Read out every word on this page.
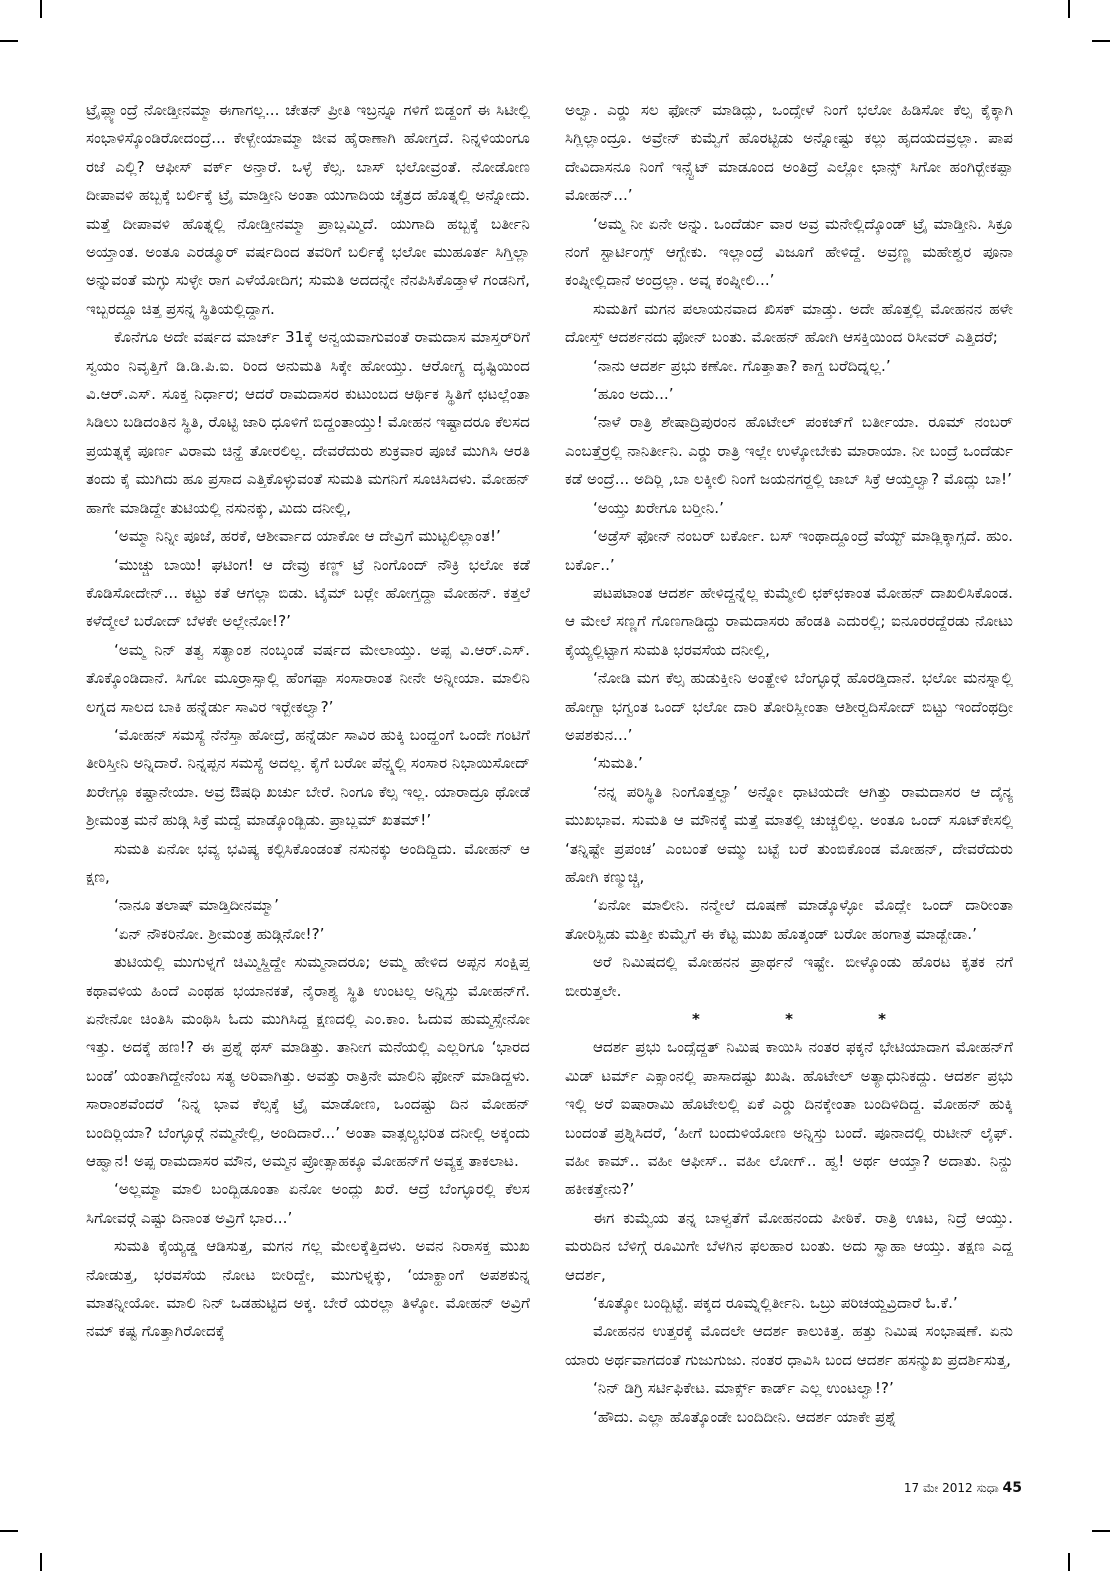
ಟ್ರೈಪ್ಲ್ಯಾಂದ್ರೆ ನೋಡ್ತೀನಮ್ಮಾ ಈಗಾಗಲ್ಲ... ಚೇತನ್ ಪ್ರೀತಿ ಇಬ್ರನ್ನೂ ಗಳಿಗೆ ಬಿಡ್ದಂಗೆ ಈ ಸಿಟೀಲ್ಲಿ ಸಂಭಾಳಿಸ್ಕೊಂಡಿರೋದಂದ್ರೆ... ಕೇಳ್ಬೇಯಾಮ್ಮಾ ಜೀವ ಹೈರಾಣಾಗಿ ಹೋಗ್ತದೆ. ನಿನ್ನಳಿಯಂಗೂ ರಜೆ ಎಲ್ಲಿ? ಆಫೀಸ್ ವರ್ಕ್ ಅನ್ತಾರೆ. ಒಳ್ಳೆ ಕೆಲ್ಸ. ಬಾಸ್ ಭಲೋವ್ರಂತೆ. ನೋಡೋಣ ದೀಪಾವಳಿ ಹಬ್ಬಕ್ಕೆ ಬರ್ಲಿಕ್ಕೆ ಟ್ರೈ ಮಾಡ್ತೀನಿ ಅಂತಾ ಯುಗಾದಿಯ ಚೈತ್ರದ ಹೊತ್ನಲ್ಲಿ ಅನ್ನೋದು. ಮತ್ತೆ ದೀಪಾವಳಿ ಹೊತ್ನಲ್ಲಿ ನೋಡ್ತೀನಮ್ಮಾ ಪ್ರಾಬ್ಲಮ್ಮಿದೆ. ಯುಗಾದಿ ಹಬ್ಬಕ್ಕೆ ಬರ್ತೀನಿ ಅಯ್ತಾಂತ. ಅಂತೂ ಎರಡ್ಮೂರ್ ವರ್ಷದಿಂದ ತವರಿಗೆ ಬರ್ಲಿಕ್ಕೆ ಭಲೋ ಮುಹೂರ್ತ ಸಿಗ್ತಿಲ್ಲಾ ಅನ್ನುವಂತೆ ಮಗ್ಳು ಸುಳ್ಳೇ ರಾಗ ಎಳೆಯೋದಿಗ; ಸುಮತಿ ಅದದನ್ನೇ ನೆನಪಿಸಿಕೊಡ್ತಾಳೆ ಗಂಡನಿಗೆ, ಇಬ್ಬರದ್ದೂ ಚಿತ್ತ ಪ್ರಸನ್ನ ಸ್ಥಿತಿಯಲ್ಲಿದ್ದಾಗ.

ಕೊನೆಗೂ ಅದೇ ವರ್ಷದ ಮಾರ್ಚ್ 31ಕ್ಕೆ ಅನ್ವಯವಾಗುವಂತೆ ರಾಮದಾಸ ಮಾಸ್ತರ್‌ರಿಗೆ ಸ್ವಯಂ ನಿವೃತ್ತಿಗೆ ಡಿ.ಡಿ.ಪಿ.ಐ. ರಿಂದ ಅನುಮತಿ ಸಿಕ್ಕೇ ಹೋಯ್ತು. ಆರೋಗ್ಯ ದೃಷ್ಟಿಯಿಂದ ವಿ.ಆರ್.ಎಸ್. ಸೂಕ್ತ ನಿರ್ಧಾರ; ಆದರೆ ರಾಮದಾಸರ ಕುಟುಂಬದ ಆರ್ಥಿಕ ಸ್ಥಿತಿಗೆ ಛಟಲ್ಲೆಂತಾ ಸಿಡಿಲು ಬಡಿದಂತಿನ ಸ್ಥಿತಿ, ರೊಟ್ಟಿ ಜಾರಿ ಧೂಳಿಗೆ ಬಿದ್ದಂತಾಯ್ತು! ಮೋಹನ ಇಷ್ಟಾದರೂ ಕೆಲಸದ ಪ್ರಯತ್ನಕ್ಕೆ ಪೂರ್ಣ ವಿರಾಮ ಚಿನ್ಹೆ ತೋರಲಿಲ್ಲ. ದೇವರೆದುರು ಶುಕ್ರವಾರ ಪೂಜೆ ಮುಗಿಸಿ ಆರತಿ ತಂದು ಕೈ ಮುಗಿದು ಹೂ ಪ್ರಸಾದ ಎತ್ತಿಕೊಳ್ಳುವಂತೆ ಸುಮತಿ ಮಗನಿಗೆ ಸೂಚಿಸಿದಳು. ಮೋಹನ್ ಹಾಗೇ ಮಾಡಿದ್ದೇ ತುಟಿಯಲ್ಲಿ ನಸುನಕ್ಕು, ಮಿದು ದನೀಲ್ಲಿ,

‘ಅಮ್ಮಾ ನಿನ್ನೀ ಪೂಜೆ, ಹರಕೆ, ಆಶೀರ್ವಾದ ಯಾಕೋ ಆ ದೇವ್ರಿಗೆ ಮುಟ್ಟಲಿಲ್ಲಾಂತ!’

‘ಮುಚ್ಚು ಬಾಯಿ! ಘಟಿಂಗ! ಆ ದೇವ್ರು ಕಣ್ಣ್ ಟ್ರೆ ನಿಂಗೊಂದ್ ನೌಕ್ರಿ ಭಲೋ ಕಡೆ ಕೊಡಿಸೋದೇನ್... ಕಟ್ಟು ಕತೆ ಆಗಲ್ಲಾ ಬಿಡು. ಟೈಮ್ ಬರ್‍ಲೇ ಹೋಗ್ತದ್ದಾ ಮೋಹನ್. ಕತ್ತಲೆ ಕಳೆದ್ಮೇಲೆ ಬರೋದ್ ಬೆಳಕೇ ಅಲ್ಲೇನೋ!?’

‘ಅಮ್ಮ ನಿನ್ ತತ್ವ ಸತ್ಯಾಂಶ ನಂಬ್ಕಂಡೆ ವರ್ಷದ ಮೇಲಾಯ್ತು. ಅಪ್ಪ ವಿ.ಆರ್.ಎಸ್. ತೊಕ್ಕೊಂಡಿದಾನೆ. ಸಿಗೋ ಮೂರ್‍ರಾಸ್ಸಾಲ್ಲಿ ಹೆಂಗಪ್ಪಾ ಸಂಸಾರಾಂತ ನೀನೇ ಅನ್ನೀಯಾ. ಮಾಲಿನಿ ಲಗ್ನದ ಸಾಲದ ಬಾಕಿ ಹನ್ನೆರ್ಡು ಸಾವಿರ ಇರ್‍ಬೇಕಲ್ವಾ?’

‘ಮೋಹನ್ ಸಮಸ್ಯೆ ನೆನೆಸ್ತಾ ಹೋದ್ರೆ, ಹನ್ನೆರ್ಡು ಸಾವಿರ ಹುಕ್ಕಿ ಬಂದ್ಹಂಗೆ ಒಂದೇ ಗಂಟಿಗೆ ತೀರಿಸ್ತೀನಿ ಅನ್ನಿದಾರೆ. ನಿನ್ನಪ್ಪನ ಸಮಸ್ಯೆ ಅದಲ್ಲ. ಕೈಗೆ ಬರೋ ಪೆನ್ಷ್ನಲ್ಲಿ ಸಂಸಾರ ನಿಭಾಯಿಸೋದ್ ಖರೇಗ್ಲೂ ಕಷ್ಟಾನೇಯಾ. ಅವ್ರ ಔಷಧಿ ಖರ್ಚು ಬೇರೆ. ನಿಂಗೂ ಕೆಲ್ಸ ಇಲ್ಲ. ಯಾರಾದ್ರೂ ಥೋಡೆ ಶ್ರೀಮಂತ್ರ ಮನೆ ಹುಡ್ಗಿ ಸಿಕ್ರೆ ಮದ್ವೆ ಮಾಡ್ಕೊಂಡ್ಬಿಡು. ಪ್ರಾಬ್ಲಮ್ ಖತಮ್!’

ಸುಮತಿ ಏನೋ ಭವ್ಯ ಭವಿಷ್ಯ ಕಲ್ಪಿಸಿಕೊಂಡಂತೆ ನಸುನಕ್ಕು ಅಂದಿದ್ದಿದು. ಮೋಹನ್ ಆ ಕ್ಷಣ,

‘ನಾನೂ ತಲಾಷ್ ಮಾಡ್ತಿದೀನಮ್ಮಾ’

‘ಏನ್ ನೌಕರಿನೋ. ಶ್ರೀಮಂತ್ರ ಹುಡ್ಗಿನೋ!?’

ತುಟಿಯಲ್ಲಿ ಮುಗುಳ್ನಗೆ ಚಿಮ್ಮಿಸ್ದಿದ್ದೇ ಸುಮ್ಮನಾದರೂ; ಅಮ್ಮ ಹೇಳಿದ ಅಪ್ಪನ ಸಂಕ್ಷಿಪ್ತ ಕಥಾವಳಿಯ ಹಿಂದೆ ಎಂಥಹ ಭಯಾನಕತೆ, ನೈರಾಶ್ಯ ಸ್ಥಿತಿ ಉಂಟಲ್ಲ ಅನ್ನಿಸ್ತು ಮೋಹನ್‌ಗೆ. ಏನೇನೋ ಚಿಂತಿಸಿ ಮಂಥಿಸಿ ಓದು ಮುಗಿಸಿದ್ದ ಕ್ಷಣದಲ್ಲಿ ಎಂ.ಕಾಂ. ಓದುವ ಹುಮ್ಮಸ್ಸೇನೋ ಇತ್ತು. ಅದಕ್ಕೆ ಹಣ!? ಈ ಪ್ರಶ್ನೆ ಥಸ್ ಮಾಡಿತ್ತು. ತಾನೀಗ ಮನೆಯಲ್ಲಿ ಎಲ್ಲರಿಗೂ ‘ಭಾರದ ಬಂಡೆ’ ಯಂತಾಗಿದ್ದೇನೆಂಬ ಸತ್ಯ ಅರಿವಾಗಿತ್ತು. ಅವತ್ತು ರಾತ್ರಿನೇ ಮಾಲಿನಿ ಫೋನ್ ಮಾಡಿದ್ದಳು. ಸಾರಾಂಶವೆಂದರೆ ‘ನಿನ್ನ ಭಾವ ಕೆಲ್ಸಕ್ಕೆ ಟ್ರೈ ಮಾಡೋಣ, ಒಂದಷ್ಟು ದಿನ ಮೋಹನ್ ಬಂದಿರ್‍ಲಿಯಾ? ಬೆಂಗ್ಳೂರ್‍ಗೆ ನಮ್ಮನೇಲ್ಲಿ, ಅಂದಿದಾರೆ...’ ಅಂತಾ ವಾತ್ಸಲ್ಯಭರಿತ ದನೀಲ್ಲಿ ಅಕ್ಕಂದು ಆಹ್ವಾನ! ಅಪ್ಪ ರಾಮದಾಸರ ಮೌನ, ಅಮ್ಮನ ಪ್ರೋತ್ಸಾಹಕ್ಕೂ ಮೋಹನ್‌ಗೆ ಅವ್ಯಕ್ತ ತಾಕಲಾಟ.

‘ಅಲ್ಲಮ್ಮಾ ಮಾಲಿ ಬಂದ್ಬಿಡೂಂತಾ ಏನೋ ಅಂದ್ಲು ಖರೆ. ಆದ್ರೆ ಬೆಂಗ್ಳೂರಲ್ಲಿ ಕೆಲಸ ಸಿಗೋವರ್‍ಗೆ ಎಷ್ಟು ದಿನಾಂತ ಅವ್ರಿಗೆ ಭಾರ...’

ಸುಮತಿ ಕೈಯ್ಯಡ್ಡ ಆಡಿಸುತ್ತ, ಮಗನ ಗಲ್ಲ ಮೇಲಕ್ಕೆತ್ತಿದಳು. ಅವನ ನಿರಾಸಕ್ತ ಮುಖ ನೋಡುತ್ತ, ಭರವಸೆಯ ನೋಟ ಬೀರಿದ್ದೇ, ಮುಗುಳ್ನಕ್ಕು, ‘ಯಾಕ್ಹಾಂಗೆ ಅಪಶಕುನ್ನ ಮಾತನ್ನೀಯೋ. ಮಾಲಿ ನಿನ್ ಒಡಹುಟ್ಟಿದ ಅಕ್ಕ. ಬೇರೆ ಯರಲ್ಲಾ ತಿಳ್ಕೋ. ಮೋಹನ್ ಅವ್ರಿಗೆ ನಮ್ ಕಷ್ಟ ಗೊತ್ತಾಗಿರೋದಕ್ಕೆ

ಅಲ್ವಾ. ಎರ್‍ಡು ಸಲ ಫೋನ್ ಮಾಡಿದ್ಲು, ಒಂದ್ಸೇಳೆ ನಿಂಗೆ ಭಲೋ ಹಿಡಿಸೋ ಕೆಲ್ಸ ಕೈಕ್ಕಾಗಿ ಸಿಗ್ಲಿಲ್ಲಾಂದ್ರೂ. ಅವ್ರೇನ್ ಕುಮ್ವೆಗೆ ಹೊರಟ್ಟಿಡು ಅನ್ನೋಷ್ಟು ಕಲ್ಲು ಹೃದಯದವ್ರಲ್ಲಾ. ಪಾಪ ದೇವಿದಾಸನೂ ನಿಂಗೆ ಇನ್ಸ್ಟೆಟ್ ಮಾಡೂಂದ ಅಂತಿದ್ರೆ ಎಲ್ಲೋ ಛಾನ್ಸ್ ಸಿಗೋ ಹಂಗಿರ್‍ಬೇಕಪ್ಪಾ ಮೋಹನ್...’

‘ಅಮ್ಮ ನೀ ಏನೇ ಅನ್ನು. ಒಂದೆರ್ಡು ವಾರ ಅವ್ರ ಮನೇಲ್ಲಿದ್ಕೊಂಡ್ ಟ್ರೈ ಮಾಡ್ತೀನಿ. ಸಿಕ್ರೂ ನಂಗೆ ಸ್ಟಾರ್ಟಿಂಗ್ಸ್ ಆಗ್ಬೇಕು. ಇಲ್ಲಾಂದ್ರೆ ವಿಜೂಗೆ ಹೇಳಿದ್ದೆ. ಅವ್ರಣ್ಣ ಮಹೇಶ್ವರ ಪೂನಾ ಕಂಪ್ನೀಲ್ಲಿದಾನೆ ಅಂದ್ರಲ್ಲಾ. ಅವ್ನ ಕಂಪ್ನೀಲಿ...’

ಸುಮತಿಗೆ ಮಗನ ಪಲಾಯನವಾದ ಖಿಸಕ್ ಮಾಡ್ತು. ಅದೇ ಹೊತ್ತಲ್ಲಿ ಮೋಹನನ ಹಳೇ ದೋಸ್ತ್ ಆದರ್ಶನದು ಫೋನ್ ಬಂತು. ಮೋಹನ್ ಹೋಗಿ ಆಸಕ್ತಿಯಿಂದ ರಿಸೀವರ್ ಎತ್ತಿದರೆ;

‘ನಾನು ಆದರ್ಶ ಪ್ರಭು ಕಣೋ. ಗೊತ್ತಾತಾ? ಕಾಗ್ದ ಬರೆದಿದ್ನಲ್ಲ.’

‘ಹೂಂ ಅದು...’

‘ನಾಳೆ ರಾತ್ರಿ ಶೇಷಾದ್ರಿಪುರಂನ ಹೊಟೇಲ್ ಪಂಕಜ್‌ಗೆ ಬರ್ತೀಯಾ. ರೂಮ್ ನಂಬರ್ ಎಂಬತ್ತೆರ್‍ರಲ್ಲಿ ನಾನಿರ್ತೀನಿ. ಎರ್‍ಡು ರಾತ್ರಿ ಇಲ್ಲೇ ಉಳ್ಕೋಬೇಕು ಮಾರಾಯಾ. ನೀ ಬಂದ್ರೆ ಒಂದೆರ್ಡು ಕಡೆ ಅಂದ್ರೆ... ಅದಿರ್‍ಲಿ ,ಬಾ ಲಕ್ಕೀಲಿ ನಿಂಗೆ ಜಯನಗರ್‍ದಲ್ಲಿ ಜಾಬ್ ಸಿಕ್ರೆ ಆಯ್ತಲ್ವಾ? ಮೊದ್ಲು ಬಾ!’

‘ಅಯ್ತು ಖರೇಗೂ ಬರ್‍ತೀನಿ.’

‘ಅಡ್ರೆಸ್ ಫೋನ್ ನಂಬರ್ ಬರ್ಕೋ. ಬಸ್ ಇಂಥಾದ್ದೂಂದ್ರೆ ವೆಯ್ಟ್ ಮಾಡ್ಲಿಕ್ಕಾಗ್ಸದೆ. ಹುಂ. ಬರ್ಕೊ..’

ಪಟಪಟಾಂತ ಆದರ್ಶ ಹೇಳಿದ್ದನ್ನೆಲ್ಲ ಕುಮ್ಮೇಲಿ ಛಕ್‌ಛಕಾಂತ ಮೋಹನ್ ದಾಖಲಿಸಿಕೊಂಡ. ಆ ಮೇಲೆ ಸಣ್ಣಗೆ ಗೊಣಗಾಡಿದ್ದು ರಾಮದಾಸರು ಹೆಂಡತಿ ಎದುರಲ್ಲಿ; ಐನೂರರದ್ದೆರಡು ನೋಟು ಕೈಯ್ಯಲ್ಲಿಟ್ಟಾಗ ಸುಮತಿ ಭರವಸೆಯ ದನೀಲ್ಲಿ,

‘ನೋಡಿ ಮಗ ಕೆಲ್ಸ ಹುಡುಕ್ತೀನಿ ಅಂತ್ಹೇಳಿ ಬೆಂಗ್ಳೂರ್‍ಗೆ ಹೊರಡ್ತಿದಾನೆ. ಭಲೋ ಮನಸ್ನಾಲ್ಲಿ ಹೋಗ್ಬಾ ಭಗ್ವಂತ ಒಂದ್ ಭಲೋ ದಾರಿ ತೋರಿಸ್ಲೀಂತಾ ಆಶೀರ್‍ವದಿಸೋದ್ ಬಿಟ್ಟು ಇಂದೆಂಥದ್ರೀ ಅಪಶಕುನ...’

‘ಸುಮತಿ.’

‘ನನ್ನ ಪರಿಸ್ಥಿತಿ ನಿಂಗೊತ್ತಲ್ವಾ’ ಅನ್ನೋ ಧಾಟಿಯದೇ ಆಗಿತ್ತು ರಾಮದಾಸರ ಆ ದೈನ್ಯ ಮುಖಭಾವ. ಸುಮತಿ ಆ ಮೌನಕ್ಕೆ ಮತ್ತೆ ಮಾತಲ್ಲಿ ಚುಚ್ಚಲಿಲ್ಲ. ಅಂತೂ ಒಂದ್ ಸೂಟ್‌ಕೇಸಲ್ಲಿ ‘ತನ್ನಿಷ್ಟೇ ಪ್ರಪಂಚ’ ಎಂಬಂತೆ ಅಮ್ಮು ಬಟ್ಟೆ ಬರೆ ತುಂಬಿಕೊಂಡ ಮೋಹನ್, ದೇವರೆದುರು ಹೋಗಿ ಕಣ್ಮುಚ್ಚಿ,

‘ಏನೋ ಮಾಲೀನಿ. ನನ್ಮೇಲೆ ದೂಷಣೆ ಮಾಡ್ಕೊಳ್ಳೋ ಮೊದ್ಲೇ ಒಂದ್ ದಾರೀಂತಾ ತೋರಿಸ್ಬಿಡು ಮತ್ತೀ ಕುಮ್ವೆಗೆ ಈ ಕೆಟ್ಟ ಮುಖ ಹೊತ್ಕಂಡ್ ಬರೋ ಹಂಗಾತ್ರ ಮಾಡ್ಬೇಡಾ.’

ಅರೆ ನಿಮಿಷದಲ್ಲಿ ಮೋಹನನ ಪ್ರಾರ್ಥನೆ ಇಷ್ಟೇ. ಬೀಳ್ಕೊಂಡು ಹೊರಟ ಕೃತಕ ನಗೆ ಬೀರುತ್ತಲೇ.

* * *

ಆದರ್ಶ ಪ್ರಭು ಒಂದ್ಸೆದ್ದತ್ ನಿಮಿಷ ಕಾಯಿಸಿ ನಂತರ ಫಕ್ಕನೆ ಭೇಟಿಯಾದಾಗ ಮೋಹನ್‌ಗೆ ಮಿಡ್ ಟರ್ಮ್ ಎಕ್ಸಾಂನಲ್ಲಿ ಪಾಸಾದಷ್ಟು ಖುಷಿ. ಹೊಟೇಲ್ ಅತ್ಯಾಧುನಿಕದ್ದು. ಆದರ್ಶ ಪ್ರಭು ಇಲ್ಲಿ ಅರೆ ಐಷಾರಾಮಿ ಹೊಟೇಲಲ್ಲಿ ಏಕೆ ಎರ್‍ಡು ದಿನಕ್ಕೇಂತಾ ಬಂದಿಳಿದಿದ್ದ. ಮೋಹನ್ ಹುಕ್ಕಿ ಬಂದಂತೆ ಪ್ರಶ್ನಿಸಿದರೆ, ‘ಹೀಗೆ ಬಂದುಳಿಯೋಣ ಅನ್ನಿಸ್ತು ಬಂದೆ. ಪೂನಾದಲ್ಲಿ ರುಟೀನ್ ಲೈಫ್. ವಹೀ ಕಾಮ್.. ವಹೀ ಆಫೀಸ್.. ವಹೀ ಲೋಗ್.. ಹ್ವ! ಅರ್ಥ ಆಯ್ತಾ? ಅದಾತು. ನಿನ್ದು ಹಕೀಕತ್ತೇನು?’

ಈಗ ಕುಮ್ವೆಯ ತನ್ನ ಬಾಳ್ವತೆಗೆ ಮೋಹನಂದು ಪೀಠಿಕೆ. ರಾತ್ರಿ ಊಟ, ನಿದ್ರೆ ಆಯ್ತು. ಮರುದಿನ ಬೆಳಿಗ್ಗೆ ರೂಮಿಗೇ ಬೆಳಗಿನ ಫಲಹಾರ ಬಂತು. ಅದು ಸ್ವಾಹಾ ಆಯ್ತು. ತಕ್ಷಣ ಎದ್ದ ಆದರ್ಶ,

‘ಕೂತ್ಕೋ ಬಂದ್ಬಿಟ್ಟೆ. ಪಕ್ಕದ ರೂಮ್ನಲ್ಲಿರ್ತೀನಿ. ಒಬ್ರು ಪರಿಚಯ್ದವ್ರಿದಾರೆ ಓ.ಕೆ.’

ಮೋಹನನ ಉತ್ತರಕ್ಕೆ ಮೊದಲೇ ಆದರ್ಶ ಕಾಲುಕಿತ್ತ. ಹತ್ತು ನಿಮಿಷ ಸಂಭಾಷಣೆ. ಏನು ಯಾರು ಅರ್ಥವಾಗದಂತೆ ಗುಜುಗುಜು. ನಂತರ ಧಾವಿಸಿ ಬಂದ ಆದರ್ಶ ಹಸನ್ಮುಖ ಪ್ರದರ್ಶಿಸುತ್ತ,

‘ನಿನ್ ಡಿಗ್ರಿ ಸರ್ಟಿಫಿಕೇಟ. ಮಾರ್ಕ್ಸ್ ಕಾರ್ಡ್ ಎಲ್ಲ ಉಂಟಲ್ವಾ!?’

‘ಹೌದು. ಎಲ್ಲಾ ಹೊತ್ಕೊಂಡೇ ಬಂದಿದೀನಿ. ಆದರ್ಶ ಯಾಕೇ ಪ್ರಶ್ನೆ

17 ಮೇ 2012 ಸುಧಾ 45
